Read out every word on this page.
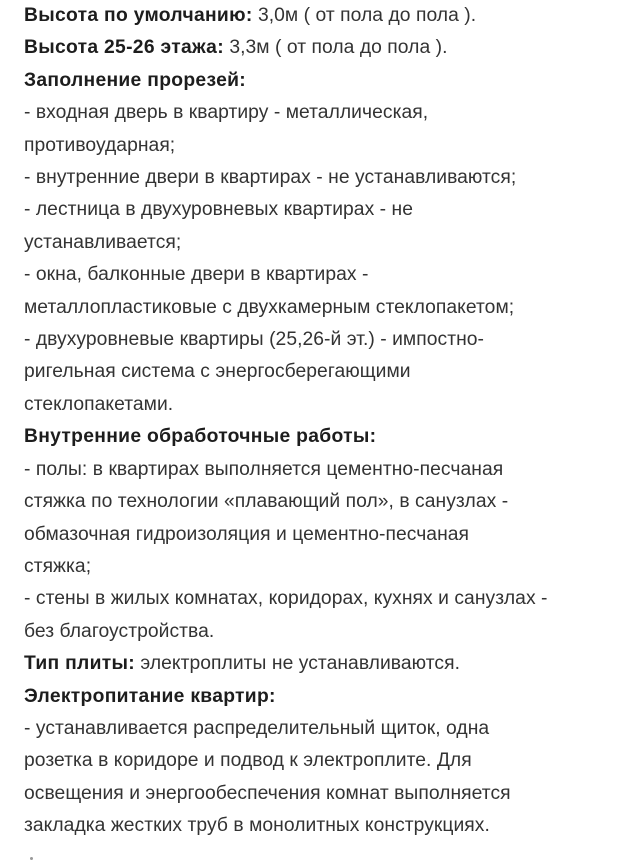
Высота по умолчанию: 3,0м ( от пола до пола ).
Высота 25-26 этажа: 3,3м ( от пола до пола ).
Заполнение прорезей:
- входная дверь в квартиру - металлическая,
противоударная;
- внутренние двери в квартирах - не устанавливаются;
- лестница в двухуровневых квартирах - не
устанавливается;
- окна, балконные двери в квартирах -
металлопластиковые с двухкамерным стеклопакетом;
- двухуровневые квартиры (25,26-й эт.) - импостно-
ригельная система с энергосберегающими
стеклопакетами.
Внутренние обработочные работы:
- полы: в квартирах выполняется цементно-песчаная
стяжка по технологии «плавающий пол», в санузлах -
обмазочная гидроизоляция и цементно-песчаная
стяжка;
- стены в жилых комнатах, коридорах, кухнях и санузлах -
без благоустройства.
Тип плиты: электроплиты не устанавливаются.
Электропитание квартир:
- устанавливается распределительный щиток, одна
розетка в коридоре и подвод к электроплите. Для
освещения и энергообеспечения комнат выполняется
закладка жестких труб в монолитных конструкциях.
